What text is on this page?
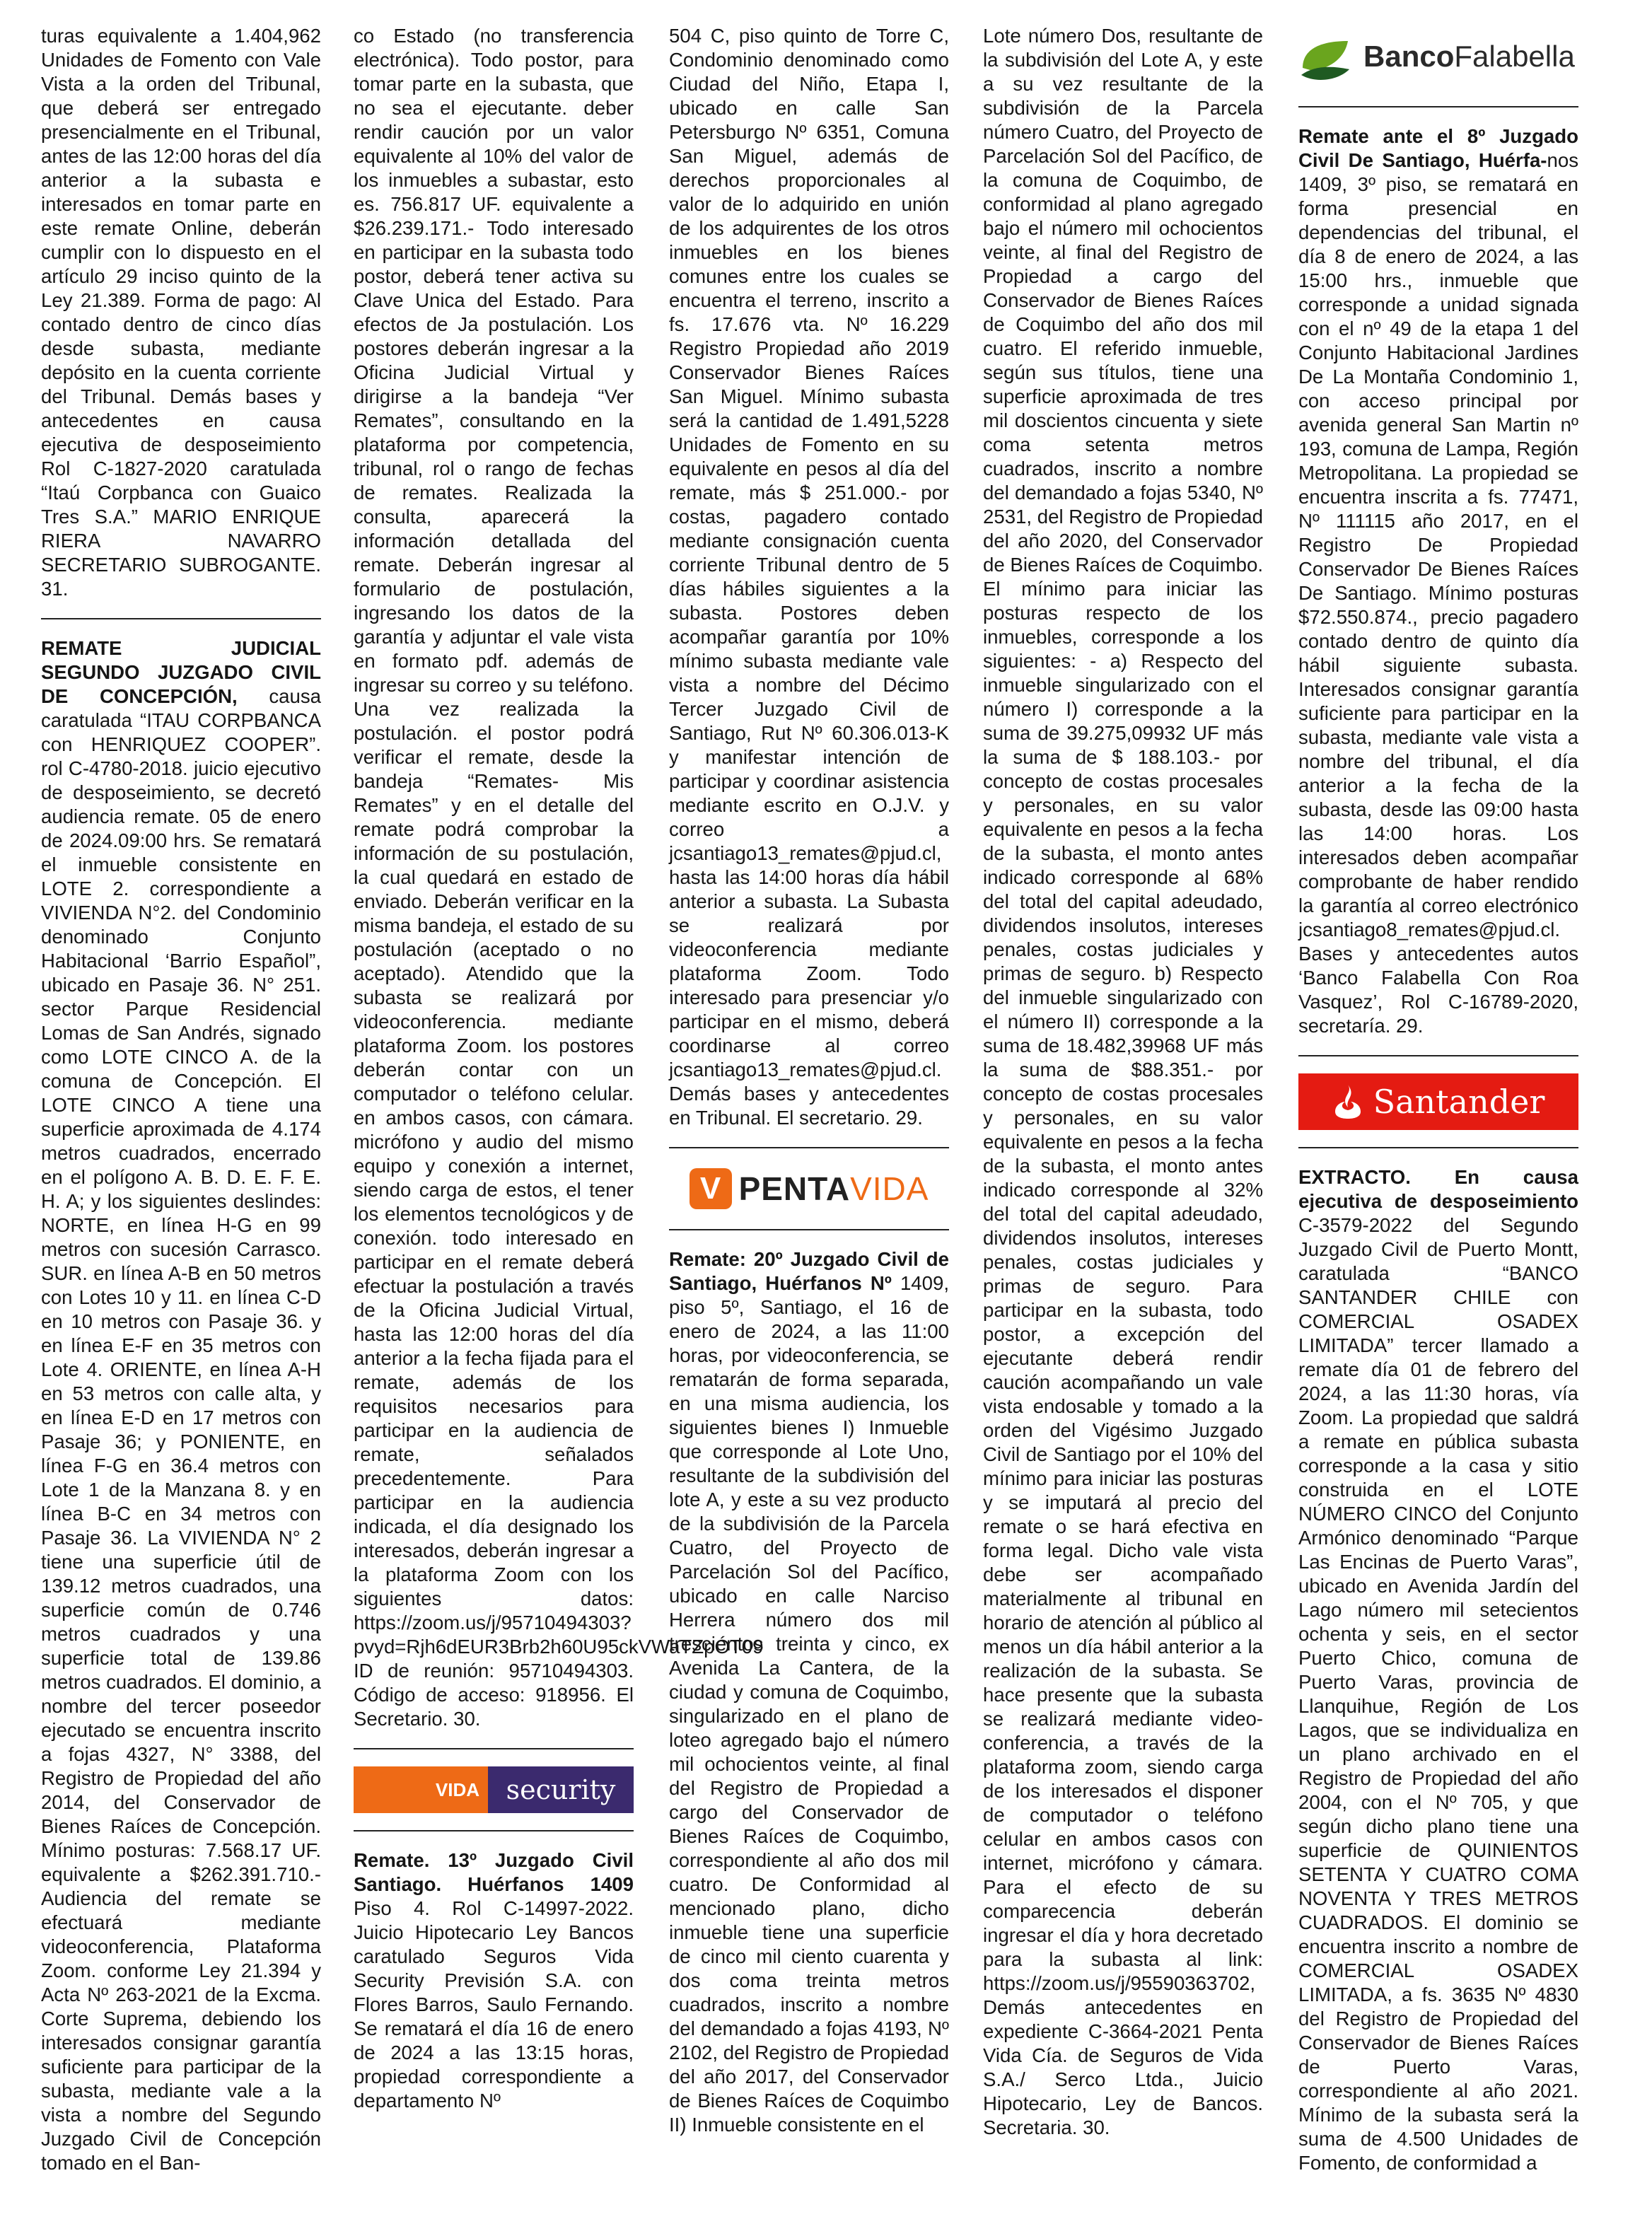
turas equivalente a 1.404,962 Unidades de Fomento con Vale Vista a la orden del Tribunal, que deberá ser entregado presencialmente en el Tribunal, antes de las 12:00 horas del día anterior a la subasta e interesados en tomar parte en este remate Online, deberán cumplir con lo dispuesto en el artículo 29 inciso quinto de la Ley 21.389. Forma de pago: Al contado dentro de cinco días desde subasta, mediante depósito en la cuenta corriente del Tribunal. Demás bases y antecedentes en causa ejecutiva de desposeimiento Rol C-1827-2020 caratulada “Itaú Corpbanca con Guaico Tres S.A.” MARIO ENRIQUE RIERA NAVARRO SECRETARIO SUBROGANTE. 31.

REMATE JUDICIAL SEGUNDO JUZGADO CIVIL DE CONCEPCIÓN, causa caratulada “ITAU CORPBANCA con HENRIQUEZ COOPER”. rol C-4780-2018. juicio ejecutivo de desposeimiento, se decretó audiencia remate. 05 de enero de 2024.09:00 hrs. Se rematará el inmueble consistente en LOTE 2. correspondiente a VIVIENDA N°2. del Condominio denominado Conjunto Habitacional ‘Barrio Español”, ubicado en Pasaje 36. N° 251. sector Parque Residencial Lomas de San Andrés, signado como LOTE CINCO A. de la comuna de Concepción. El LOTE CINCO A tiene una superficie aproximada de 4.174 metros cuadrados, encerrado en el polígono A. B. D. E. F. E. H. A; y los siguientes deslindes: NORTE, en línea H-G en 99 metros con sucesión Carrasco. SUR. en línea A-B en 50 metros con Lotes 10 y 11. en línea C-D en 10 metros con Pasaje 36. y en línea E-F en 35 metros con Lote 4. ORIENTE, en línea A-H en 53 metros con calle alta, y en línea E-D en 17 metros con Pasaje 36; y PONIENTE, en línea F-G en 36.4 metros con Lote 1 de la Manzana 8. y en línea B-C en 34 metros con Pasaje 36. La VIVIENDA N° 2 tiene una superficie útil de 139.12 metros cuadrados, una superficie común de 0.746 metros cuadrados y una superficie total de 139.86 metros cuadrados. El dominio, a nombre del tercer poseedor ejecutado se encuentra inscrito a fojas 4327, N° 3388, del Registro de Propiedad del año 2014, del Conservador de Bienes Raíces de Concepción. Mínimo posturas: 7.568.17 UF. equivalente a $262.391.710.- Audiencia del remate se efectuará mediante videoconferencia, Plataforma Zoom. conforme Ley 21.394 y Acta Nº 263-2021 de la Excma. Corte Suprema, debiendo los interesados consignar garantía suficiente para participar de la subasta, mediante vale a la vista a nombre del Segundo Juzgado Civil de Concepción tomado en el Ban-

co Estado (no transferencia electrónica). Todo postor, para tomar parte en la subasta, que no sea el ejecutante. deber rendir caución por un valor equivalente al 10% del valor de los inmuebles a subastar, esto es. 756.817 UF. equivalente a $26.239.171.- Todo interesado en participar en la subasta todo postor, deberá tener activa su Clave Unica del Estado. Para efectos de Ja postulación. Los postores deberán ingresar a la Oficina Judicial Virtual y dirigirse a la bandeja “Ver Remates”, consultando en la plataforma por competencia, tribunal, rol o rango de fechas de remates. Realizada la consulta, aparecerá la información detallada del remate. Deberán ingresar al formulario de postulación, ingresando los datos de la garantía y adjuntar el vale vista en formato pdf. además de ingresar su correo y su teléfono. Una vez realizada la postulación. el postor podrá verificar el remate, desde la bandeja “Remates- Mis Remates” y en el detalle del remate podrá comprobar la información de su postulación, la cual quedará en estado de enviado. Deberán verificar en la misma bandeja, el estado de su postulación (aceptado o no aceptado). Atendido que la subasta se realizará por videoconferencia. mediante plataforma Zoom. los postores deberán contar con un computador o teléfono celular. en ambos casos, con cámara. micrófono y audio del mismo equipo y conexión a internet, siendo carga de estos, el tener los elementos tecnológicos y de conexión. todo interesado en participar en el remate deberá efectuar la postulación a través de la Oficina Judicial Virtual, hasta las 12:00 horas del día anterior a la fecha fijada para el remate, además de los requisitos necesarios para participar en la audiencia de remate, señalados precedentemente. Para participar en la audiencia indicada, el día designado los interesados, deberán ingresar a la plataforma Zoom con los siguientes datos: https://zoom.us/j/95710494303?pvyd=Rjh6dEUR3Brb2h60U95ckVWaTZpÓT09 ID de reunión: 95710494303. Código de acceso: 918956. El Secretario. 30.

VIDA security

Remate. 13º Juzgado Civil Santiago. Huérfanos 1409 Piso 4. Rol C-14997-2022. Juicio Hipotecario Ley Bancos caratulado Seguros Vida Security Previsión S.A. con Flores Barros, Saulo Fernando. Se rematará el día 16 de enero de 2024 a las 13:15 horas, propiedad correspondiente a departamento Nº

504 C, piso quinto de Torre C, Condominio denominado como Ciudad del Niño, Etapa I, ubicado en calle San Petersburgo Nº 6351, Comuna San Miguel, además de derechos proporcionales al valor de lo adquirido en unión de los adquirentes de los otros inmuebles en los bienes comunes entre los cuales se encuentra el terreno, inscrito a fs. 17.676 vta. Nº 16.229 Registro Propiedad año 2019 Conservador Bienes Raíces San Miguel. Mínimo subasta será la cantidad de 1.491,5228 Unidades de Fomento en su equivalente en pesos al día del remate, más $ 251.000.- por costas, pagadero contado mediante consignación cuenta corriente Tribunal dentro de 5 días hábiles siguientes a la subasta. Postores deben acompañar garantía por 10% mínimo subasta mediante vale vista a nombre del Décimo Tercer Juzgado Civil de Santiago, Rut Nº 60.306.013-K y manifestar intención de participar y coordinar asistencia mediante escrito en O.J.V. y correo a jcsantiago13_remates@pjud.cl, hasta las 14:00 horas día hábil anterior a subasta. La Subasta se realizará por videoconferencia mediante plataforma Zoom. Todo interesado para presenciar y/o participar en el mismo, deberá coordinarse al correo jcsantiago13_remates@pjud.cl. Demás bases y antecedentes en Tribunal. El secretario. 29.

V PENTA VIDA

Remate: 20º Juzgado Civil de Santiago, Huérfanos Nº 1409, piso 5º, Santiago, el 16 de enero de 2024, a las 11:00 horas, por videoconferencia, se rematarán de forma separada, en una misma audiencia, los siguientes bienes I) Inmueble que corresponde al Lote Uno, resultante de la subdivisión del lote A, y este a su vez producto de la subdivisión de la Parcela Cuatro, del Proyecto de Parcelación Sol del Pacífico, ubicado en calle Narciso Herrera número dos mil trescientos treinta y cinco, ex Avenida La Cantera, de la ciudad y comuna de Coquimbo, singularizado en el plano de loteo agregado bajo el número mil ochocientos veinte, al final del Registro de Propiedad a cargo del Conservador de Bienes Raíces de Coquimbo, correspondiente al año dos mil cuatro. De Conformidad al mencionado plano, dicho inmueble tiene una superficie de cinco mil ciento cuarenta y dos coma treinta metros cuadrados, inscrito a nombre del demandado a fojas 4193, Nº 2102, del Registro de Propiedad del año 2017, del Conservador de Bienes Raíces de Coquimbo II) Inmueble consistente en el

Lote número Dos, resultante de la subdivisión del Lote A, y este a su vez resultante de la subdivisión de la Parcela número Cuatro, del Proyecto de Parcelación Sol del Pacífico, de la comuna de Coquimbo, de conformidad al plano agregado bajo el número mil ochocientos veinte, al final del Registro de Propiedad a cargo del Conservador de Bienes Raíces de Coquimbo del año dos mil cuatro. El referido inmueble, según sus títulos, tiene una superficie aproximada de tres mil doscientos cincuenta y siete coma setenta metros cuadrados, inscrito a nombre del demandado a fojas 5340, Nº 2531, del Registro de Propiedad del año 2020, del Conservador de Bienes Raíces de Coquimbo. El mínimo para iniciar las posturas respecto de los inmuebles, corresponde a los siguientes: - a) Respecto del inmueble singularizado con el número I) corresponde a la suma de 39.275,09932 UF más la suma de $ 188.103.- por concepto de costas procesales y personales, en su valor equivalente en pesos a la fecha de la subasta, el monto antes indicado corresponde al 68% del total del capital adeudado, dividendos insolutos, intereses penales, costas judiciales y primas de seguro. b) Respecto del inmueble singularizado con el número II) corresponde a la suma de 18.482,39968 UF más la suma de $88.351.- por concepto de costas procesales y personales, en su valor equivalente en pesos a la fecha de la subasta, el monto antes indicado corresponde al 32% del total del capital adeudado, dividendos insolutos, intereses penales, costas judiciales y primas de seguro. Para participar en la subasta, todo postor, a excepción del ejecutante deberá rendir caución acompañando un vale vista endosable y tomado a la orden del Vigésimo Juzgado Civil de Santiago por el 10% del mínimo para iniciar las posturas y se imputará al precio del remate o se hará efectiva en forma legal. Dicho vale vista debe ser acompañado materialmente al tribunal en horario de atención al público al menos un día hábil anterior a la realización de la subasta. Se hace presente que la subasta se realizará mediante video- conferencia, a través de la plataforma zoom, siendo carga de los interesados el disponer de computador o teléfono celular en ambos casos con internet, micrófono y cámara. Para el efecto de su comparecencia deberán ingresar el día y hora decretado para la subasta al link: https://zoom.us/j/95590363702, Demás antecedentes en expediente C-3664-2021 Penta Vida Cía. de Seguros de Vida S.A./ Serco Ltda., Juicio Hipotecario, Ley de Bancos. Secretaria. 30.

BancoFalabella

Remate ante el 8º Juzgado Civil De Santiago, Huérfa-nos 1409, 3º piso, se rematará en forma presencial en dependencias del tribunal, el día 8 de enero de 2024, a las 15:00 hrs., inmueble que corresponde a unidad signada con el nº 49 de la etapa 1 del Conjunto Habitacional Jardines De La Montaña Condominio 1, con acceso principal por avenida general San Martin nº 193, comuna de Lampa, Región Metropolitana. La propiedad se encuentra inscrita a fs. 77471, Nº 111115 año 2017, en el Registro De Propiedad Conservador De Bienes Raíces De Santiago. Mínimo posturas $72.550.874., precio pagadero contado dentro de quinto día hábil siguiente subasta. Interesados consignar garantía suficiente para participar en la subasta, mediante vale vista a nombre del tribunal, el día anterior a la fecha de la subasta, desde las 09:00 hasta las 14:00 horas. Los interesados deben acompañar comprobante de haber rendido la garantía al correo electrónico jcsantiago8_remates@pjud.cl. Bases y antecedentes autos ‘Banco Falabella Con Roa Vasquez’, Rol C-16789-2020, secretaría. 29.

Santander

EXTRACTO. En causa ejecutiva de desposeimiento C-3579-2022 del Segundo Juzgado Civil de Puerto Montt, caratulada “BANCO SANTANDER CHILE con COMERCIAL OSADEX LIMITADA” tercer llamado a remate día 01 de febrero del 2024, a las 11:30 horas, vía Zoom. La propiedad que saldrá a remate en pública subasta corresponde a la casa y sitio construida en el LOTE NÚMERO CINCO del Conjunto Armónico denominado “Parque Las Encinas de Puerto Varas”, ubicado en Avenida Jardín del Lago número mil setecientos ochenta y seis, en el sector Puerto Chico, comuna de Puerto Varas, provincia de Llanquihue, Región de Los Lagos, que se individualiza en un plano archivado en el Registro de Propiedad del año 2004, con el Nº 705, y que según dicho plano tiene una superficie de QUINIENTOS SETENTA Y CUATRO COMA NOVENTA Y TRES METROS CUADRADOS. El dominio se encuentra inscrito a nombre de COMERCIAL OSADEX LIMITADA, a fs. 3635 Nº 4830 del Registro de Propiedad del Conservador de Bienes Raíces de Puerto Varas, correspondiente al año 2021. Mínimo de la subasta será la suma de 4.500 Unidades de Fomento, de conformidad a
